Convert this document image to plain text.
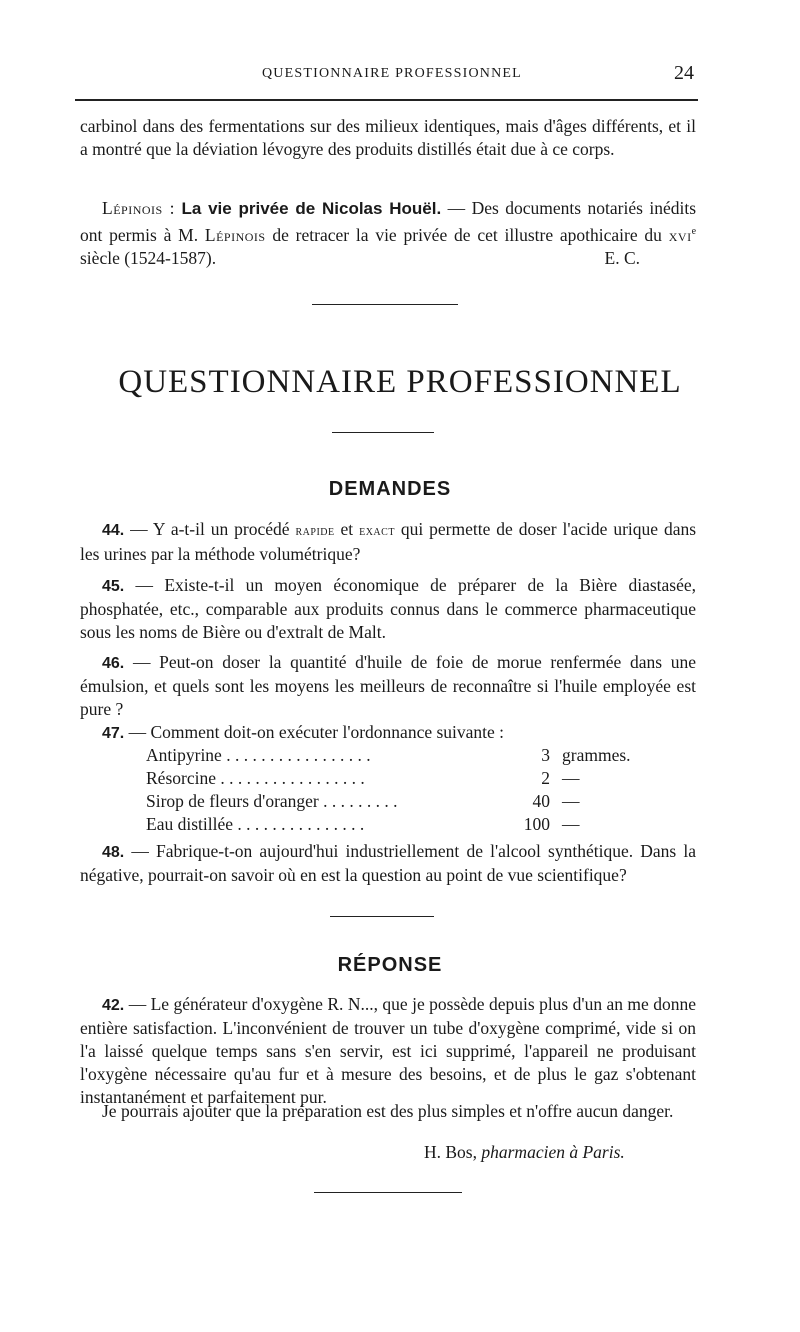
QUESTIONNAIRE PROFESSIONNEL	24

carbinol dans des fermentations sur des milieux identiques, mais d'âges différents, et il a montré que la déviation lévogyre des produits distillés était due à ce corps.

Lépinois : La vie privée de Nicolas Houël. — Des documents notariés inédits ont permis à M. Lépinois de retracer la vie privée de cet illustre apothicaire du xvi$^e$ siècle (1524-1587).	E. C.

QUESTIONNAIRE PROFESSIONNEL
DEMANDES

44. — Y a-t-il un procédé rapide et exact qui permette de doser l'acide urique dans les urines par la méthode volumétrique?

45. — Existe-t-il un moyen économique de préparer de la Bière diastasée, phosphatée, etc., comparable aux produits connus dans le commerce pharmaceutique sous les noms de Bière ou d'extralt de Malt.

46. — Peut-on doser la quantité d'huile de foie de morue renfermée dans une émulsion, et quels sont les moyens les meilleurs de reconnaître si l'huile employée est pure ?

47. — Comment doit-on exécuter l'ordonnance suivante :

Antipyrine . . . . . . . . . . . . . . . . .	3 grammes.
Résorcine . . . . . . . . . . . . . . . . .	2 —
Sirop de fleurs d'oranger . . . . . . . . .	40 —
Eau distillée . . . . . . . . . . . . . . .	100 —

48. — Fabrique-t-on aujourd'hui industriellement de l'alcool synthétique. Dans la négative, pourrait-on savoir où en est la question au point de vue scientifique?

RÉPONSE

42. — Le générateur d'oxygène R. N..., que je possède depuis plus d'un an me donne entière satisfaction. L'inconvénient de trouver un tube d'oxygène comprimé, vide si on l'a laissé quelque temps sans s'en servir, est ici supprimé, l'appareil ne produisant l'oxygène nécessaire qu'au fur et à mesure des besoins, et de plus le gaz s'obtenant instantanément et parfaitement pur.

Je pourrais ajouter que la préparation est des plus simples et n'offre aucun danger.

H. Bos, pharmacien à Paris.
